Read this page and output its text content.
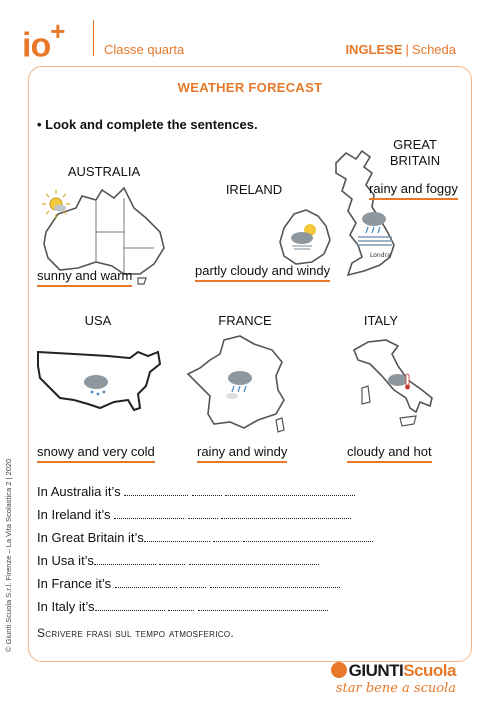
io+
Classe quarta	INGLESE | Scheda
WEATHER FORECAST
• Look and complete the sentences.
AUSTRALIA
sunny and warm
IRELAND
partly cloudy and windy
GREAT
BRITAIN
Londra
rainy and foggy
USA
snowy and very cold
FRANCE
rainy and windy
ITALY
cloudy and hot
In Australia it’s
In Ireland it’s
In Great Britain it’s
In Usa it’s
In France it’s
In Italy it’s
Scrivere frasi sul tempo atmosferico.
© Giunti Scuola S.r.l. Firenze – La Vita Scolastica 2 | 2020
GIUNTIScuola
star bene a scuola
